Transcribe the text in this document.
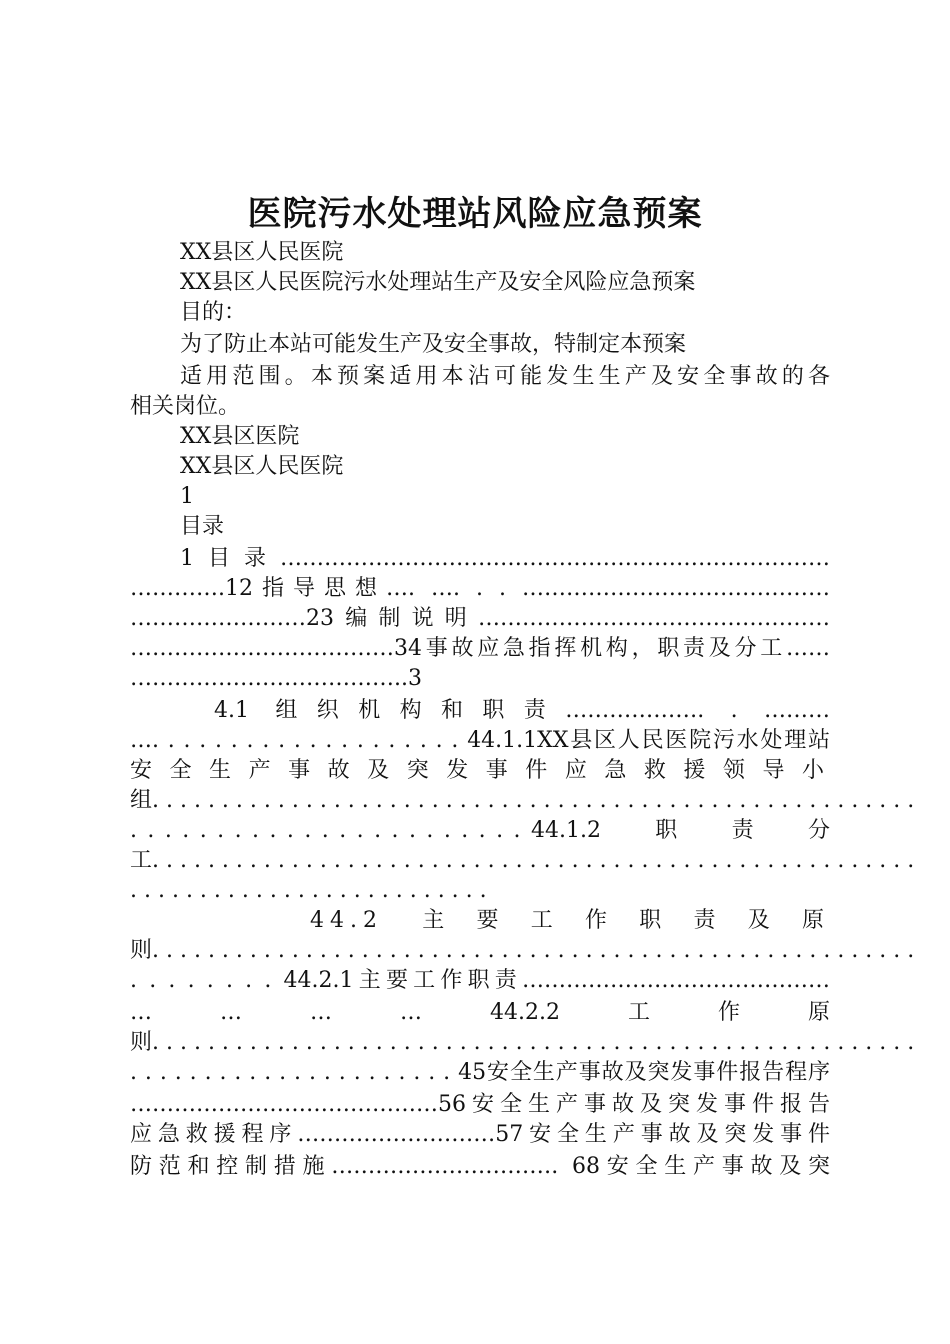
医院污水处理站风险应急预案
XX县区人民医院
XX县区人民医院污水处理站生产及安全风险应急预案
目的：
为了防止本站可能发生产及安全事故，特制定本预案
适用范围。本预案适用本沾可能发生生产及安全事故的各
相关岗位。
XX县区医院
XX县区人民医院
1
目录
1目录…………………………………………………………………
………….12指导思想…. …. . . ……………………………………
……………………23编制说明…………………………………………
………………………………34事故应急指挥机构，职责及分工……
………………………………..3
4.1 组织机构和职责………………. . ………
…. . . . . . . . . . . . . . . . . . . . 44.1.1XX县区人民医院污水处理站
安全生产事故及突发事件应急救援领导小
组. . . . . . . . . . . . . . . . . . . . . . . . . . . . . . . . . . . . . . . . . . . . . . . . . . . . . . .
. . . . . . . . . . . . . . . . . . . . . . . 44.1.2　　职　　责　　分
工. . . . . . . . . . . . . . . . . . . . . . . . . . . . . . . . . . . . . . . . . . . . . . . . . . . . . . .
. . . . . . . . . . . . . . . . . . . . . . . . . .
44.2 主要工作职责及原
则. . . . . . . . . . . . . . . . . . . . . . . . . . . . . . . . . . . . . . . . . . . . . . . . . . . . . . .
. . . . . . . . 44.2.1主要工作职责……………………………………
…　　…　　…　　…　　44.2.2　　工　　作　　原
则. . . . . . . . . . . . . . . . . . . . . . . . . . . . . . . . . . . . . . . . . . . . . . . . . . . . . . .
. . . . . . . . . . . . . . . . . . . . . . 45安全生产事故及突发事件报告程序
……………………………………56安全生产事故及突发事件报告
应急救援程序………………………57安全生产事故及突发事件
防范和控制措施…………………………. 68安全生产事故及突
